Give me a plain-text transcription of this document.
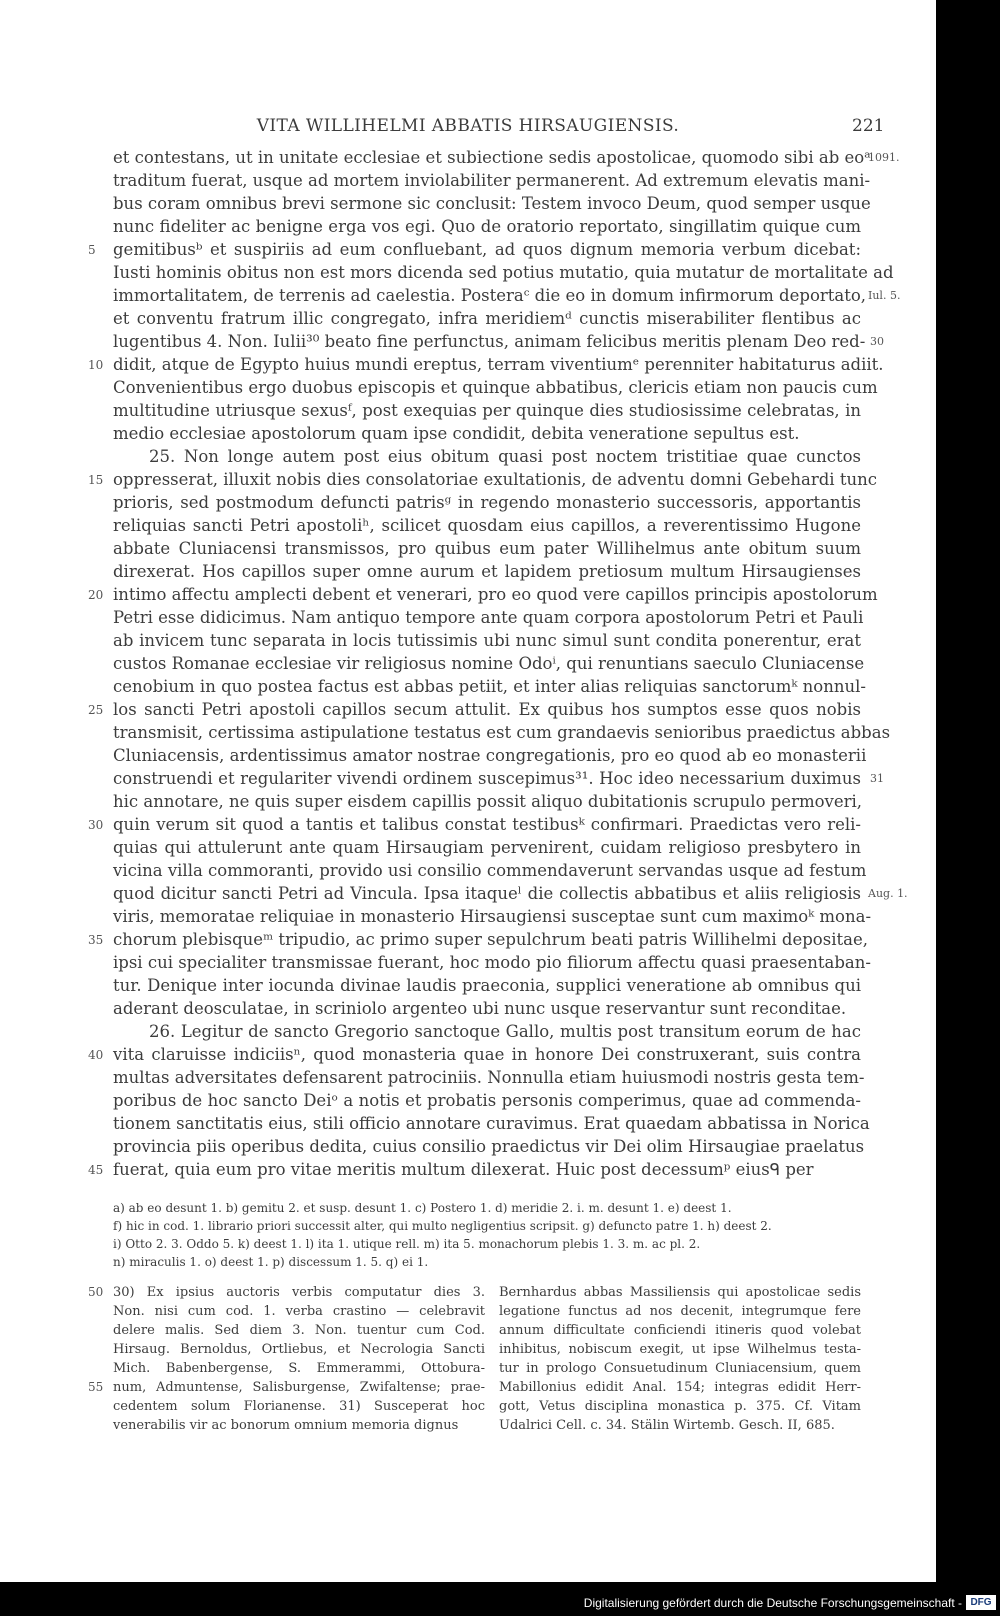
VITA WILLIHELMI ABBATIS HIRSAUGIENSIS.	221
et contestans, ut in unitate ecclesiae et subiectione sedis apostolicae, quomodo sibi ab eoᵃ
traditum fuerat, usque ad mortem inviolabiliter permanerent. Ad extremum elevatis mani-
bus coram omnibus brevi sermone sic conclusit: Testem invoco Deum, quod semper usque
nunc fideliter ac benigne erga vos egi. Quo de oratorio reportato, singillatim quique cum
gemitibusᵇ et suspiriis ad eum confluebant, ad quos dignum memoria verbum dicebat:
Iusti hominis obitus non est mors dicenda sed potius mutatio, quia mutatur de mortalitate ad
immortalitatem, de terrenis ad caelestia. Posteraᶜ die eo in domum infirmorum deportato,
et conventu fratrum illic congregato, infra meridiemᵈ cunctis miserabiliter flentibus ac
lugentibus 4. Non. Iulii³⁰ beato fine perfunctus, animam felicibus meritis plenam Deo red-
didit, atque de Egypto huius mundi ereptus, terram viventiumᵉ perenniter habitaturus adiit.
Convenientibus ergo duobus episcopis et quinque abbatibus, clericis etiam non paucis cum
multitudine utriusque sexusᶠ, post exequias per quinque dies studiosissime celebratas, in
medio ecclesiae apostolorum quam ipse condidit, debita veneratione sepultus est.
25. Non longe autem post eius obitum quasi post noctem tristitiae quae cunctos
oppresserat, illuxit nobis dies consolatoriae exultationis, de adventu domni Gebehardi tunc
prioris, sed postmodum defuncti patrisᵍ in regendo monasterio successoris, apportantis
reliquias sancti Petri apostoliʰ, scilicet quosdam eius capillos, a reverentissimo Hugone
abbate Cluniacensi transmissos, pro quibus eum pater Willihelmus ante obitum suum
direxerat. Hos capillos super omne aurum et lapidem pretiosum multum Hirsaugienses
intimo affectu amplecti debent et venerari, pro eo quod vere capillos principis apostolorum
Petri esse didicimus. Nam antiquo tempore ante quam corpora apostolorum Petri et Pauli
ab invicem tunc separata in locis tutissimis ubi nunc simul sunt condita ponerentur, erat
custos Romanae ecclesiae vir religiosus nomine Odoⁱ, qui renuntians saeculo Cluniacense
cenobium in quo postea factus est abbas petiit, et inter alias reliquias sanctorumᵏ nonnul-
los sancti Petri apostoli capillos secum attulit. Ex quibus hos sumptos esse quos nobis
transmisit, certissima astipulatione testatus est cum grandaevis senioribus praedictus abbas
Cluniacensis, ardentissimus amator nostrae congregationis, pro eo quod ab eo monasterii
construendi et regulariter vivendi ordinem suscepimus³¹. Hoc ideo necessarium duximus
hic annotare, ne quis super eisdem capillis possit aliquo dubitationis scrupulo permoveri,
quin verum sit quod a tantis et talibus constat testibusᵏ confirmari. Praedictas vero reli-
quias qui attulerunt ante quam Hirsaugiam pervenirent, cuidam religioso presbytero in
vicina villa commoranti, provido usi consilio commendaverunt servandas usque ad festum
quod dicitur sancti Petri ad Vincula. Ipsa itaqueˡ die collectis abbatibus et aliis religiosis
viris, memoratae reliquiae in monasterio Hirsaugiensi susceptae sunt cum maximoᵏ mona-
chorum plebisqueᵐ tripudio, ac primo super sepulchrum beati patris Willihelmi depositae,
ipsi cui specialiter transmissae fuerant, hoc modo pio filiorum affectu quasi praesentaban-
tur. Denique inter iocunda divinae laudis praeconia, supplici veneratione ab omnibus qui
aderant deosculatae, in scriniolo argenteo ubi nunc usque reservantur sunt reconditae.
26. Legitur de sancto Gregorio sanctoque Gallo, multis post transitum eorum de hac
vita claruisse indiciisⁿ, quod monasteria quae in honore Dei construxerant, suis contra
multas adversitates defensarent patrociniis. Nonnulla etiam huiusmodi nostris gesta tem-
poribus de hoc sancto Deiᵒ a notis et probatis personis comperimus, quae ad commenda-
tionem sanctitatis eius, stili officio annotare curavimus. Erat quaedam abbatissa in Norica
provincia piis operibus dedita, cuius consilio praedictus vir Dei olim Hirsaugiae praelatus
fuerat, quia eum pro vitae meritis multum dilexerat. Huic post decessumᵖ eiusᑫ per
5
10
15
20
25
30
35
40
45
1091.
Iul. 5.
30
31
Aug. 1.
a) ab eo desunt 1. b) gemitu 2. et susp. desunt 1. c) Postero 1. d) meridie 2. i. m. desunt 1. e) deest 1.
f) hic in cod. 1. librario priori successit alter, qui multo negligentius scripsit. g) defuncto patre 1. h) deest 2.
i) Otto 2. 3. Oddo 5. k) deest 1. l) ita 1. utique rell. m) ita 5. monachorum plebis 1. 3. m. ac pl. 2.
n) miraculis 1. o) deest 1. p) discessum 1. 5. q) ei 1.
50
55
30) Ex ipsius auctoris verbis computatur dies 3.
Non. nisi cum cod. 1. verba crastino — celebravit
delere malis. Sed diem 3. Non. tuentur cum Cod.
Hirsaug. Bernoldus, Ortliebus, et Necrologia Sancti
Mich. Babenbergense, S. Emmerammi, Ottobura-
num, Admuntense, Salisburgense, Zwifaltense; prae-
cedentem solum Florianense. 31) Susceperat hoc
venerabilis vir ac bonorum omnium memoria dignus
Bernhardus abbas Massiliensis qui apostolicae sedis
legatione functus ad nos decenit, integrumque fere
annum difficultate conficiendi itineris quod volebat
inhibitus, nobiscum exegit, ut ipse Wilhelmus testa-
tur in prologo Consuetudinum Cluniacensium, quem
Mabillonius edidit Anal. 154; integras edidit Herr-
gott, Vetus disciplina monastica p. 375. Cf. Vitam
Udalrici Cell. c. 34. Stälin Wirtemb. Gesch. II, 685.
Digitalisierung gefördert durch die Deutsche Forschungsgemeinschaft - DFG
